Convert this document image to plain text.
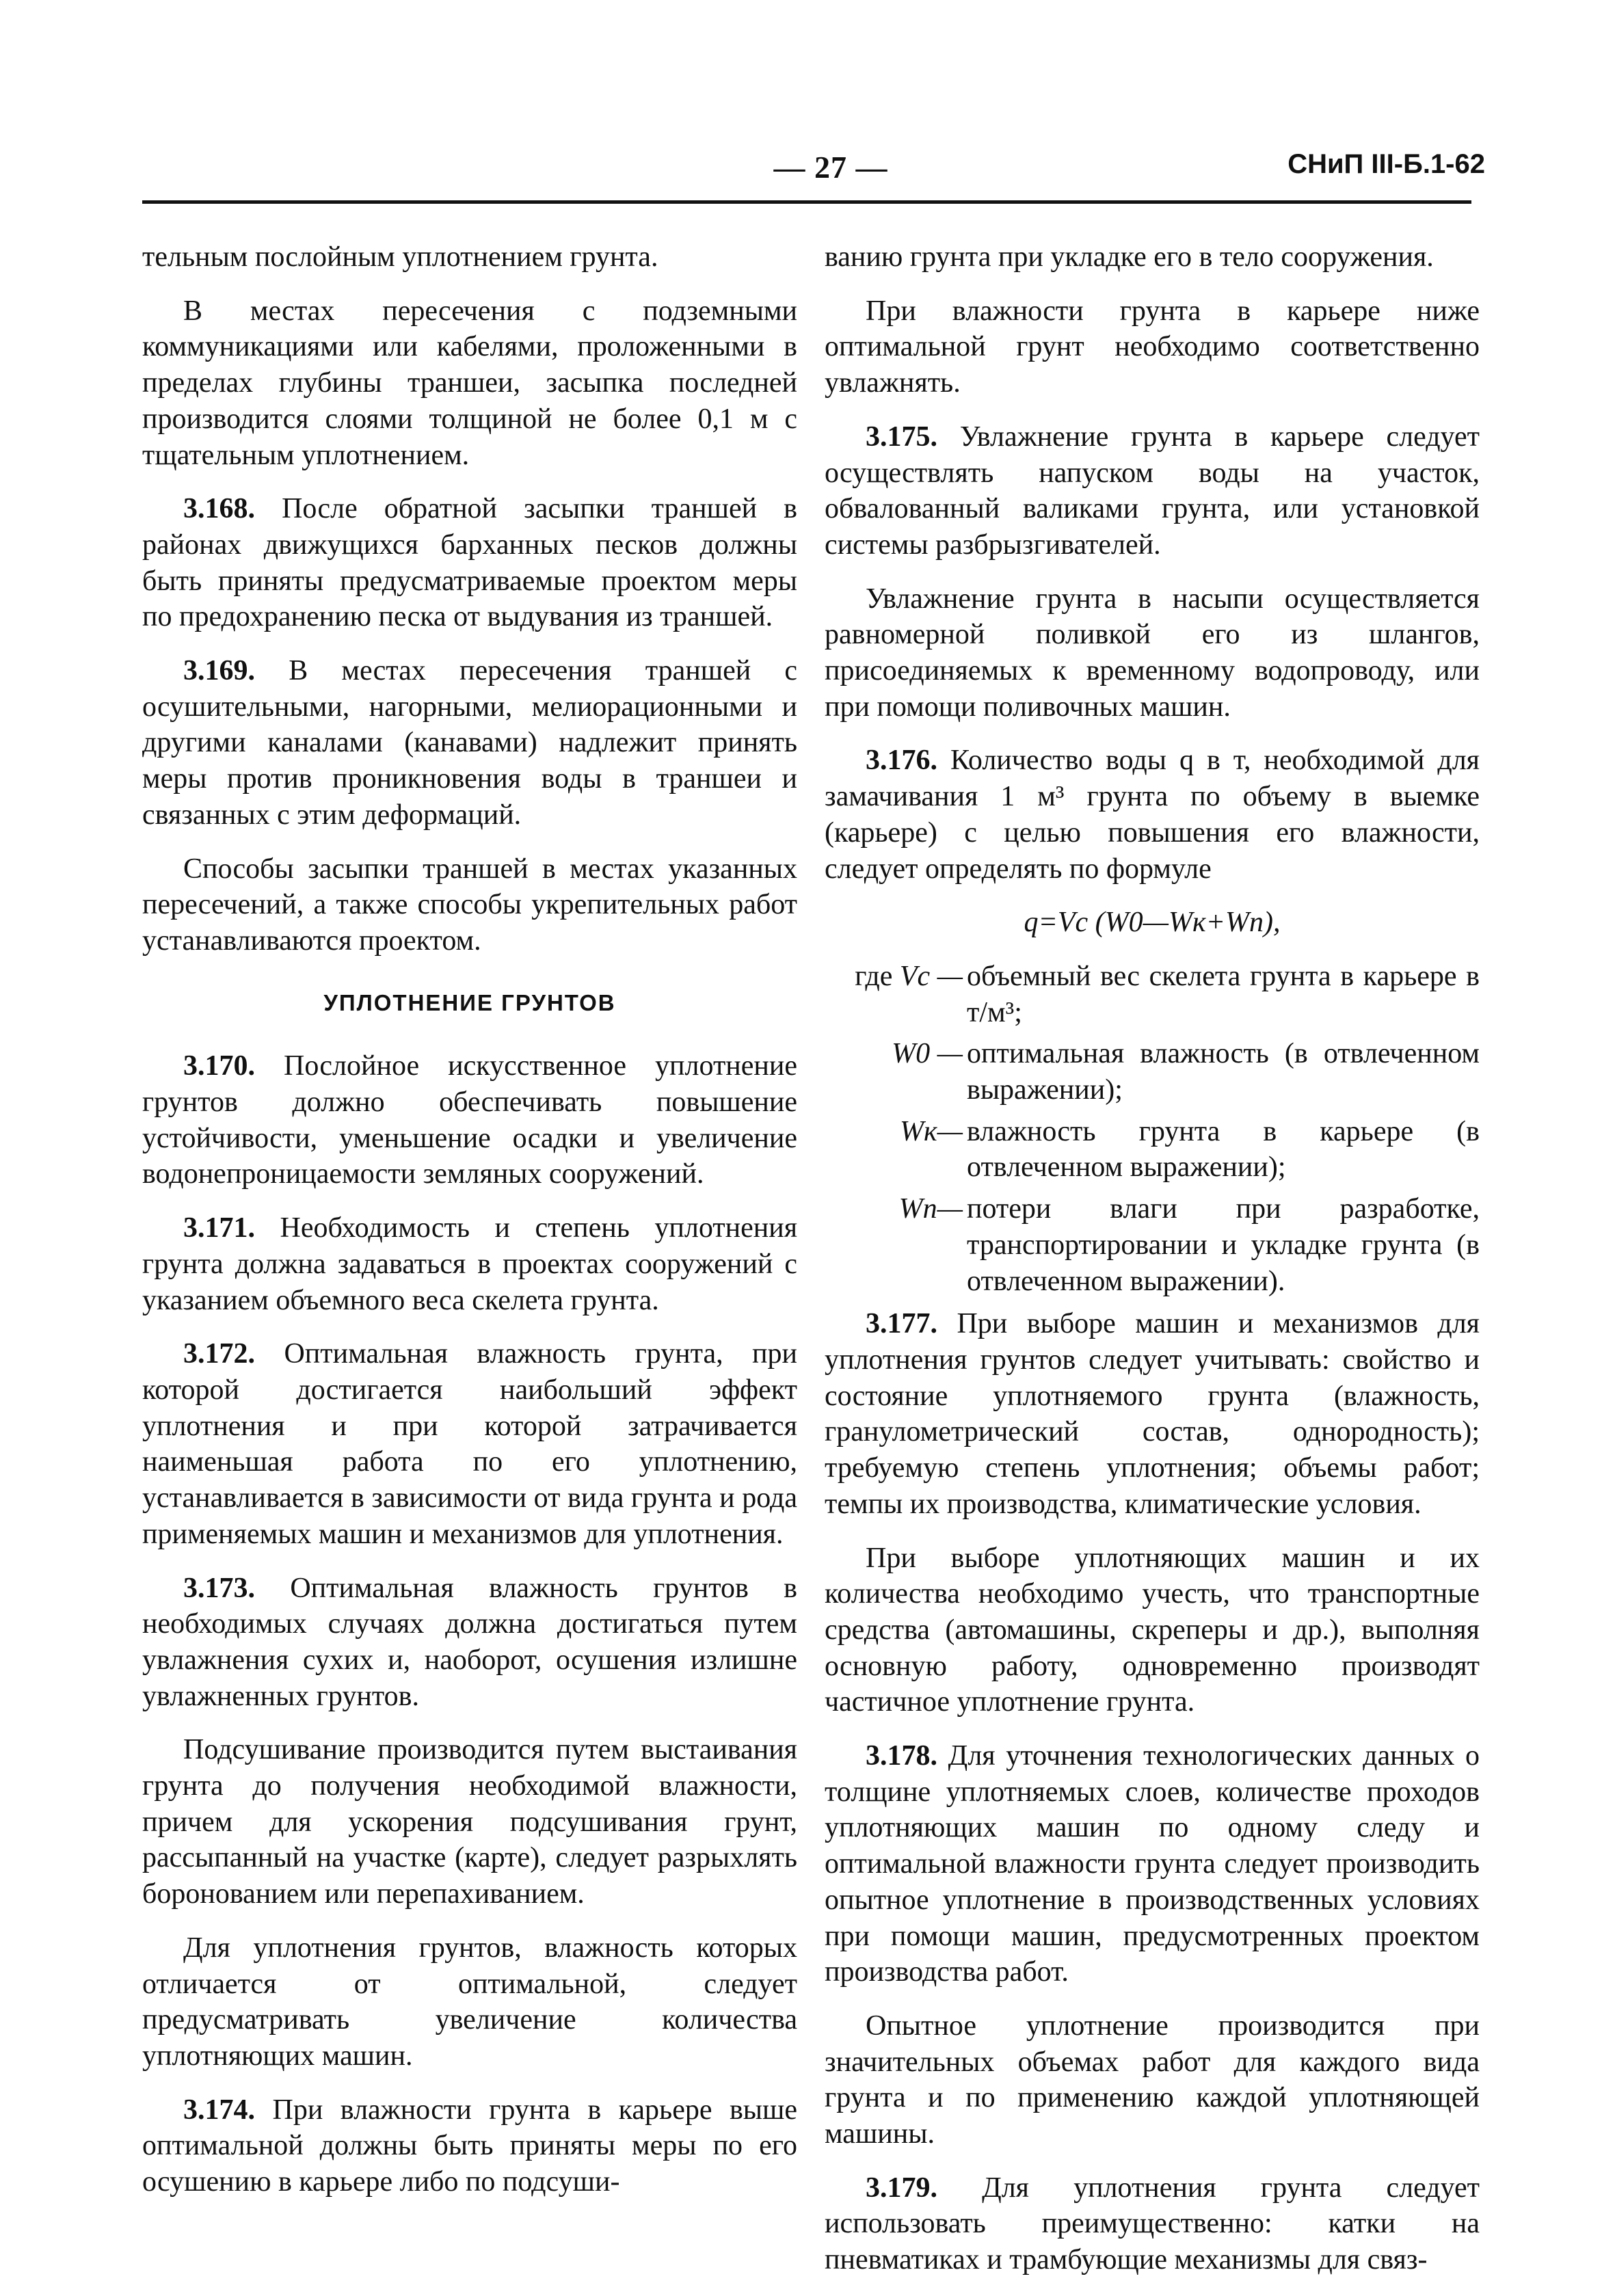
— 27 —	СНиП III-Б.1-62

тельным послойным уплотнением грунта.

В местах пересечения с подземными коммуникациями или кабелями, проложенными в пределах глубины траншеи, засыпка последней производится слоями толщиной не более 0,1 м с тщательным уплотнением.

3.168. После обратной засыпки траншей в районах движущихся барханных песков должны быть приняты предусматриваемые проектом меры по предохранению песка от выдувания из траншей.

3.169. В местах пересечения траншей с осушительными, нагорными, мелиорационными и другими каналами (канавами) надлежит принять меры против проникновения воды в траншеи и связанных с этим деформаций.

Способы засыпки траншей в местах указанных пересечений, а также способы укрепительных работ устанавливаются проектом.

УПЛОТНЕНИЕ ГРУНТОВ

3.170. Послойное искусственное уплотнение грунтов должно обеспечивать повышение устойчивости, уменьшение осадки и увеличение водонепроницаемости земляных сооружений.

3.171. Необходимость и степень уплотнения грунта должна задаваться в проектах сооружений с указанием объемного веса скелета грунта.

3.172. Оптимальная влажность грунта, при которой достигается наибольший эффект уплотнения и при которой затрачивается наименьшая работа по его уплотнению, устанавливается в зависимости от вида грунта и рода применяемых машин и механизмов для уплотнения.

3.173. Оптимальная влажность грунтов в необходимых случаях должна достигаться путем увлажнения сухих и, наоборот, осушения излишне увлажненных грунтов.

Подсушивание производится путем выстаивания грунта до получения необходимой влажности, причем для ускорения подсушивания грунт, рассыпанный на участке (карте), следует разрыхлять боронованием или перепахиванием.

Для уплотнения грунтов, влажность которых отличается от оптимальной, следует предусматривать увеличение количества уплотняющих машин.

3.174. При влажности грунта в карьере выше оптимальной должны быть приняты меры по его осушению в карьере либо по подсуши-

ванию грунта при укладке его в тело сооружения.

При влажности грунта в карьере ниже оптимальной грунт необходимо соответственно увлажнять.

3.175. Увлажнение грунта в карьере следует осуществлять напуском воды на участок, обвалованный валиками грунта, или установкой системы разбрызгивателей.

Увлажнение грунта в насыпи осуществляется равномерной поливкой его из шлангов, присоединяемых к временному водопроводу, или при помощи поливочных машин.

3.176. Количество воды q в т, необходимой для замачивания 1 м³ грунта по объему в выемке (карьере) с целью повышения его влажности, следует определять по формуле

q=Vс (W0—Wк+Wп),
где Vс — объемный вес скелета грунта в карьере в т/м³;
W0 — оптимальная влажность (в отвлеченном выражении);
Wк— влажность грунта в карьере (в отвлеченном выражении);
Wп— потери влаги при разработке, транспортировании и укладке грунта (в отвлеченном выражении).

3.177. При выборе машин и механизмов для уплотнения грунтов следует учитывать: свойство и состояние уплотняемого грунта (влажность, гранулометрический состав, однородность); требуемую степень уплотнения; объемы работ; темпы их производства, климатические условия.

При выборе уплотняющих машин и их количества необходимо учесть, что транспортные средства (автомашины, скреперы и др.), выполняя основную работу, одновременно производят частичное уплотнение грунта.

3.178. Для уточнения технологических данных о толщине уплотняемых слоев, количестве проходов уплотняющих машин по одному следу и оптимальной влажности грунта следует производить опытное уплотнение в производственных условиях при помощи машин, предусмотренных проектом производства работ.

Опытное уплотнение производится при значительных объемах работ для каждого вида грунта и по применению каждой уплотняющей машины.

3.179. Для уплотнения грунта следует использовать преимущественно: катки на пневматиках и трамбующие механизмы для связ-
